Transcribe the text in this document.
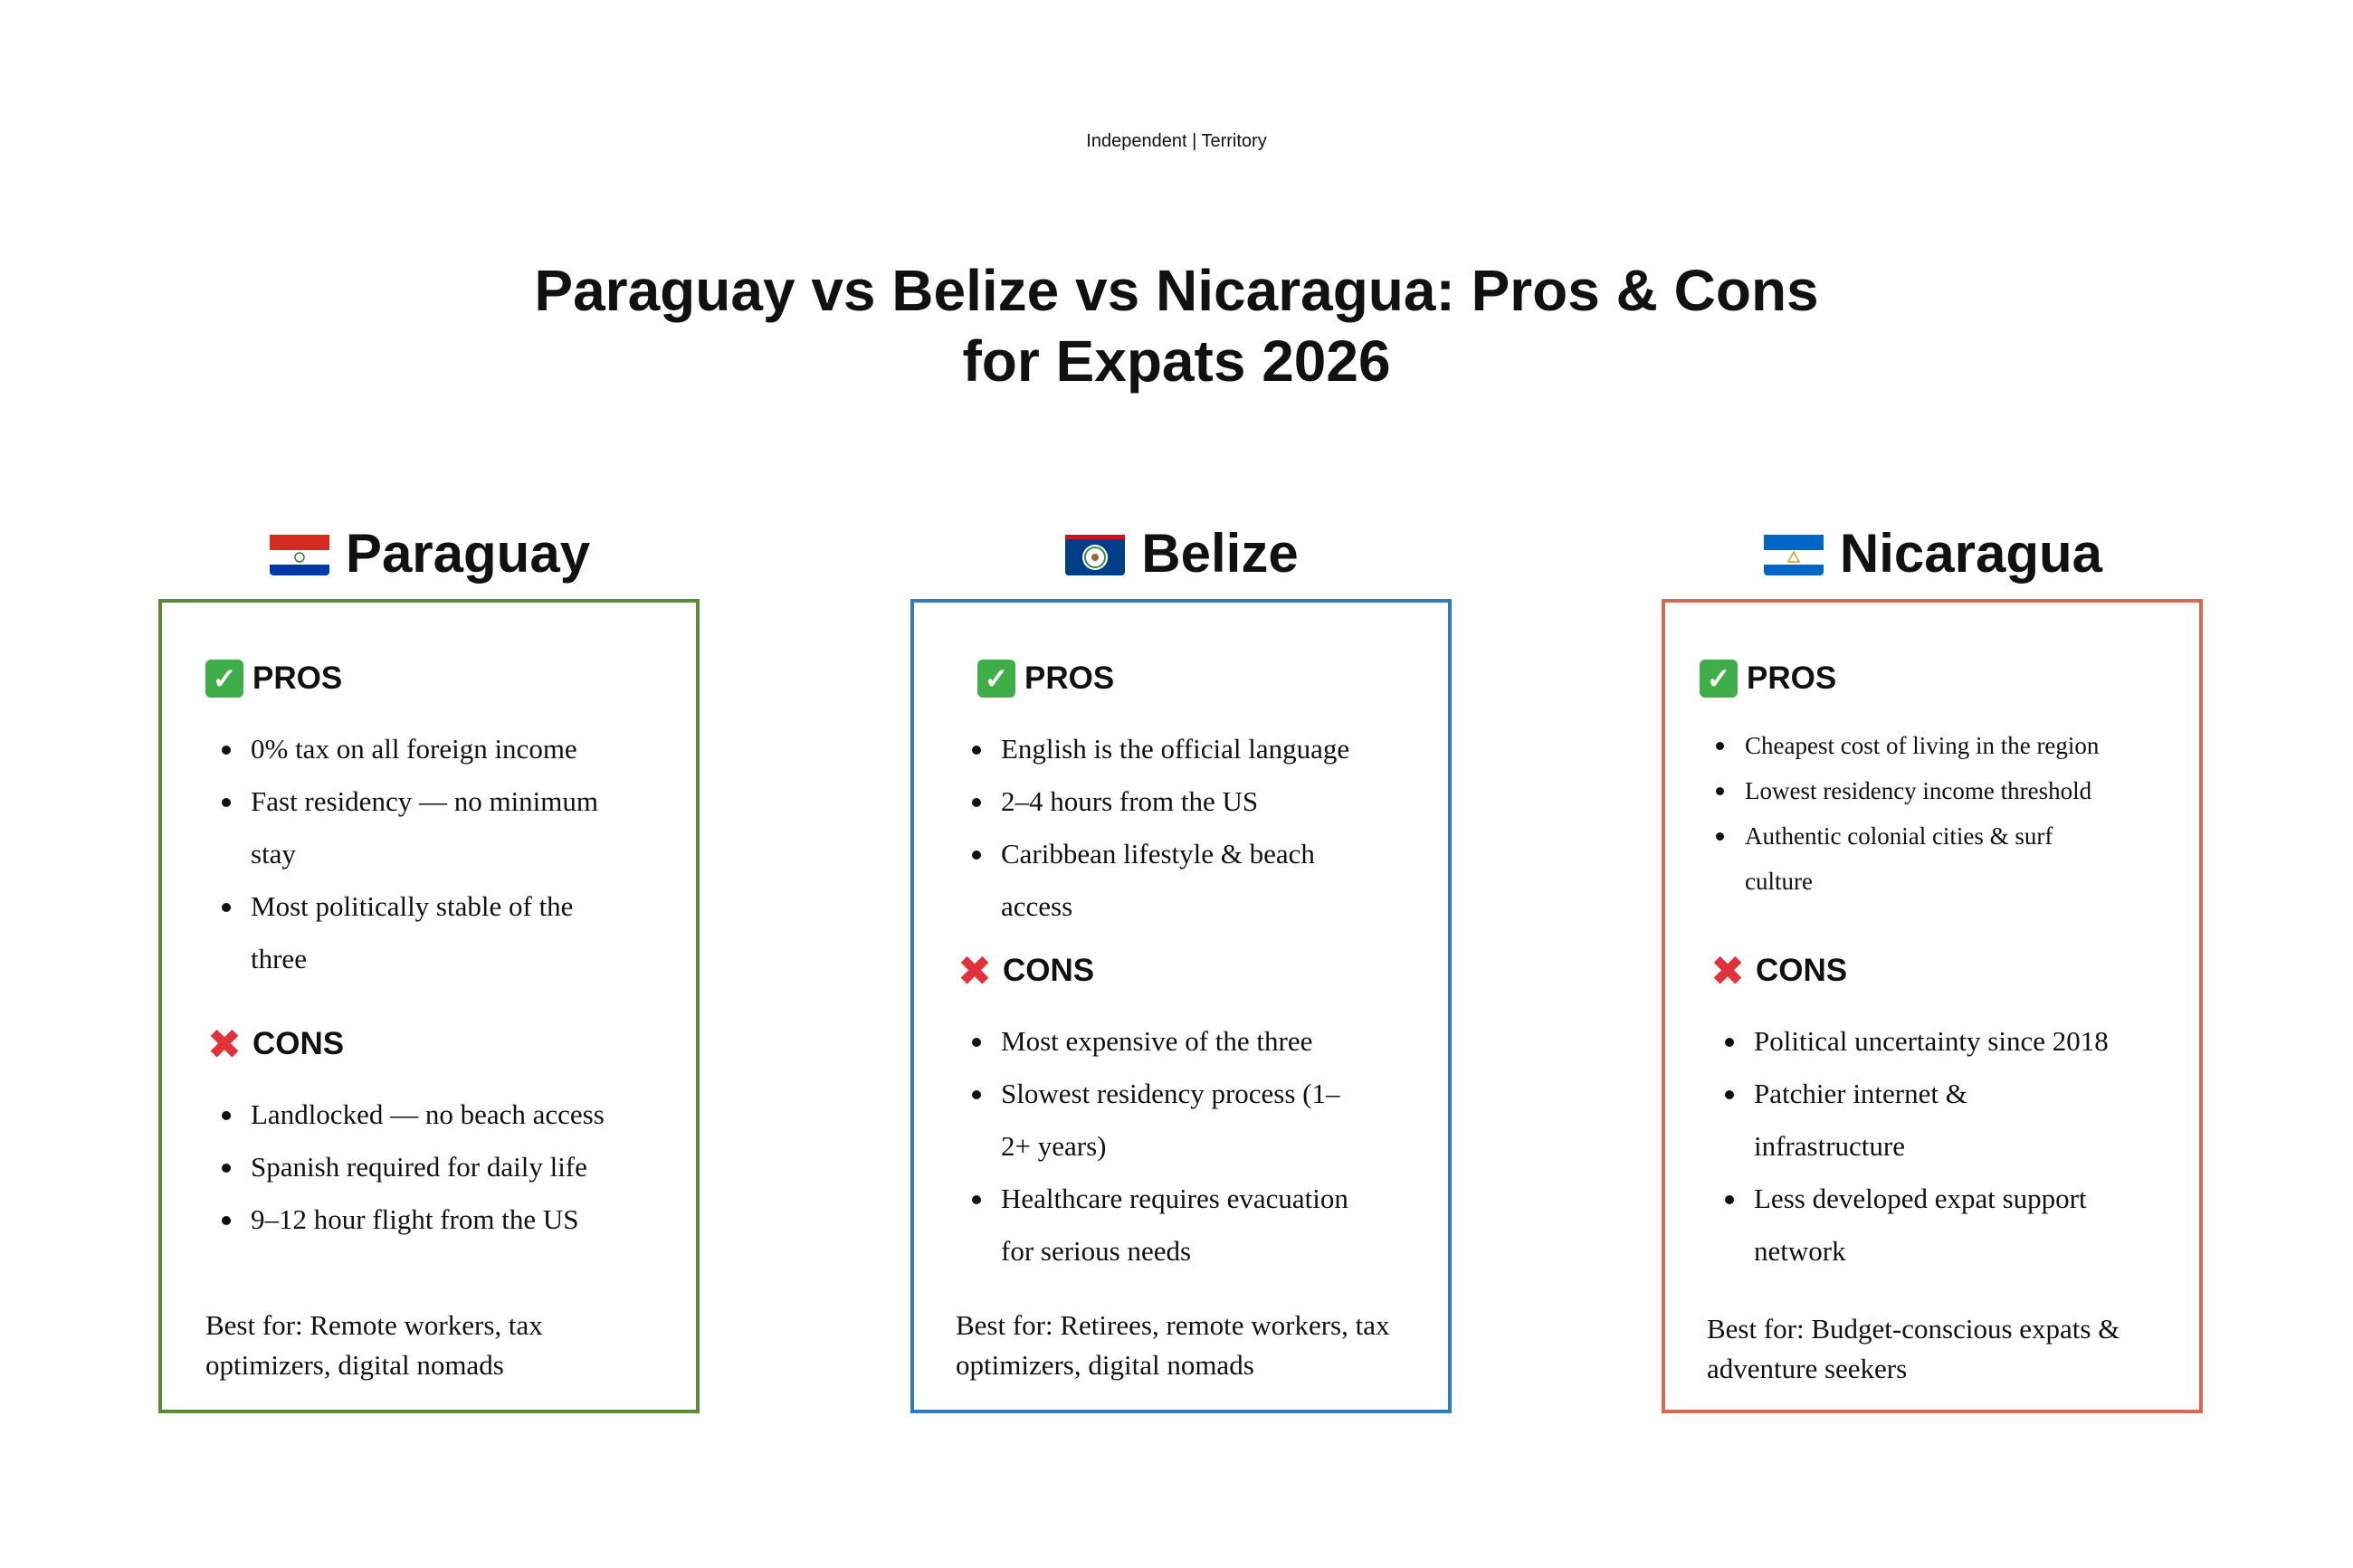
Independent | Territory
Paraguay vs Belize vs Nicaragua: Pros & Cons
for Expats 2026
Paraguay
✓ PROS
0% tax on all foreign income
Fast residency — no minimum
stay
Most politically stable of the
three
✖ CONS
Landlocked — no beach access
Spanish required for daily life
9–12 hour flight from the US
Best for: Remote workers, tax
optimizers, digital nomads
Belize
✓ PROS
English is the official language
2–4 hours from the US
Caribbean lifestyle & beach
access
✖ CONS
Most expensive of the three
Slowest residency process (1–
2+ years)
Healthcare requires evacuation
for serious needs
Best for: Retirees, remote workers, tax
optimizers, digital nomads
Nicaragua
✓ PROS
Cheapest cost of living in the region
Lowest residency income threshold
Authentic colonial cities & surf
culture
✖ CONS
Political uncertainty since 2018
Patchier internet &
infrastructure
Less developed expat support
network
Best for: Budget-conscious expats &
adventure seekers
